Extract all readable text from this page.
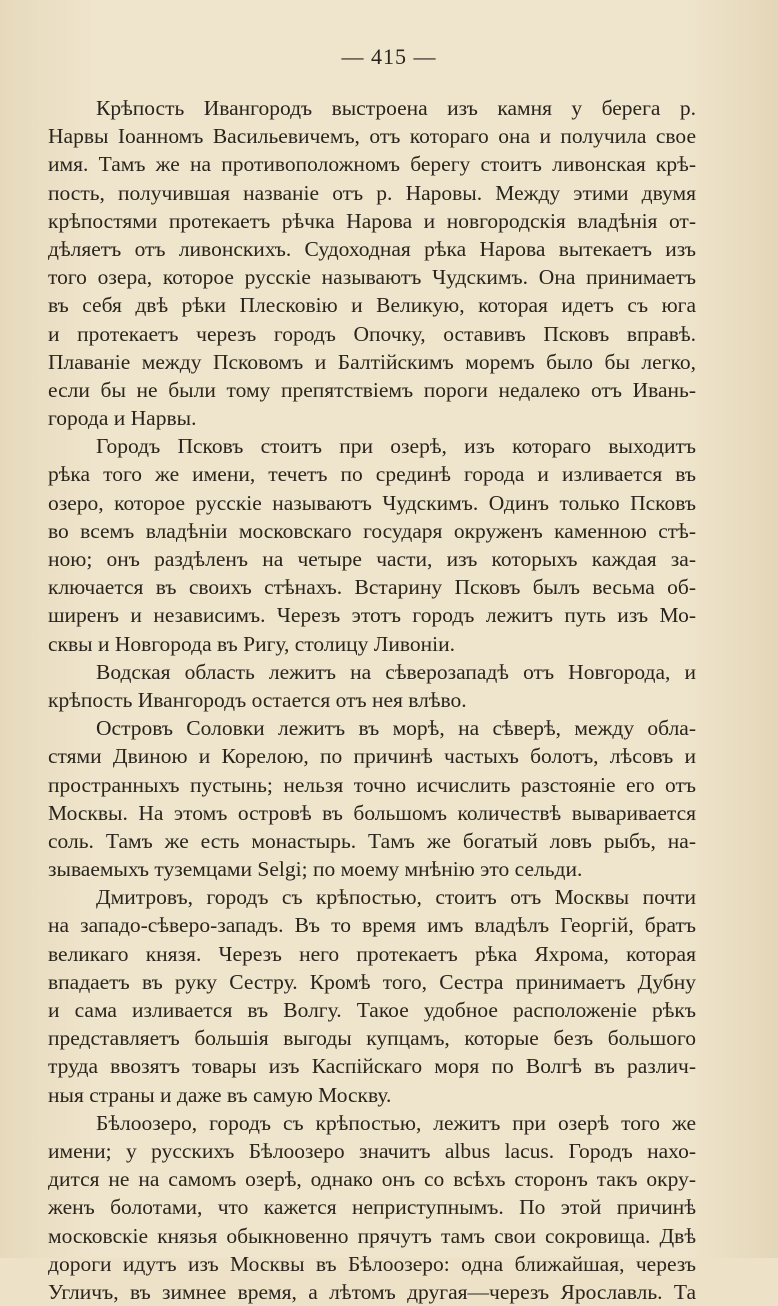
— 415 —
Крѣпость Ивангородъ выстроена изъ камня у берега р.
Нарвы Іоанномъ Васильевичемъ, отъ котораго она и получила свое
имя. Тамъ же на противоположномъ берегу стоитъ ливонская крѣ-
пость, получившая названіе отъ р. Наровы. Между этими двумя
крѣпостями протекаетъ рѣчка Нарова и новгородскія владѣнія от-
дѣляетъ отъ ливонскихъ. Судоходная рѣка Нарова вытекаетъ изъ
того озера, которое русскіе называютъ Чудскимъ. Она принимаетъ
въ себя двѣ рѣки Плесковію и Великую, которая идетъ съ юга
и протекаетъ черезъ городъ Опочку, оставивъ Псковъ вправѣ.
Плаваніе между Псковомъ и Балтійскимъ моремъ было бы легко,
если бы не были тому препятствіемъ пороги недалеко отъ Ивань-
города и Нарвы.
Городъ Псковъ стоитъ при озерѣ, изъ котораго выходитъ
рѣка того же имени, течетъ по срединѣ города и изливается въ
озеро, которое русскіе называютъ Чудскимъ. Одинъ только Псковъ
во всемъ владѣніи московскаго государя окруженъ каменною стѣ-
ною; онъ раздѣленъ на четыре части, изъ которыхъ каждая за-
ключается въ своихъ стѣнахъ. Встарину Псковъ былъ весьма об-
ширенъ и независимъ. Черезъ этотъ городъ лежитъ путь изъ Мо-
сквы и Новгорода въ Ригу, столицу Ливоніи.
Водская область лежитъ на сѣверозападѣ отъ Новгорода, и
крѣпость Ивангородъ остается отъ нея влѣво.
Островъ Соловки лежитъ въ морѣ, на сѣверѣ, между обла-
стями Двиною и Корелою, по причинѣ частыхъ болотъ, лѣсовъ и
пространныхъ пустынь; нельзя точно исчислить разстояніе его отъ
Москвы. На этомъ островѣ въ большомъ количествѣ вываривается
соль. Тамъ же есть монастырь. Тамъ же богатый ловъ рыбъ, на-
зываемыхъ туземцами Selgi; по моему мнѣнію это сельди.
Дмитровъ, городъ съ крѣпостью, стоитъ отъ Москвы почти
на западо-сѣверо-западъ. Въ то время имъ владѣлъ Георгій, братъ
великаго князя. Черезъ него протекаетъ рѣка Яхрома, которая
впадаетъ въ руку Сестру. Кромѣ того, Сестра принимаетъ Дубну
и сама изливается въ Волгу. Такое удобное расположеніе рѣкъ
представляетъ большія выгоды купцамъ, которые безъ большого
труда ввозятъ товары изъ Каспійскаго моря по Волгѣ въ различ-
ныя страны и даже въ самую Москву.
Бѣлоозеро, городъ съ крѣпостью, лежитъ при озерѣ того же
имени; у русскихъ Бѣлоозеро значитъ albus lacus. Городъ нахо-
дится не на самомъ озерѣ, однако онъ со всѣхъ сторонъ такъ окру-
женъ болотами, что кажется неприступнымъ. По этой причинѣ
московскіе князья обыкновенно прячутъ тамъ свои сокровища. Двѣ
дороги идутъ изъ Москвы въ Бѣлоозеро: одна ближайшая, черезъ
Угличъ, въ зимнее время, а лѣтомъ другая—черезъ Ярославль. Та
